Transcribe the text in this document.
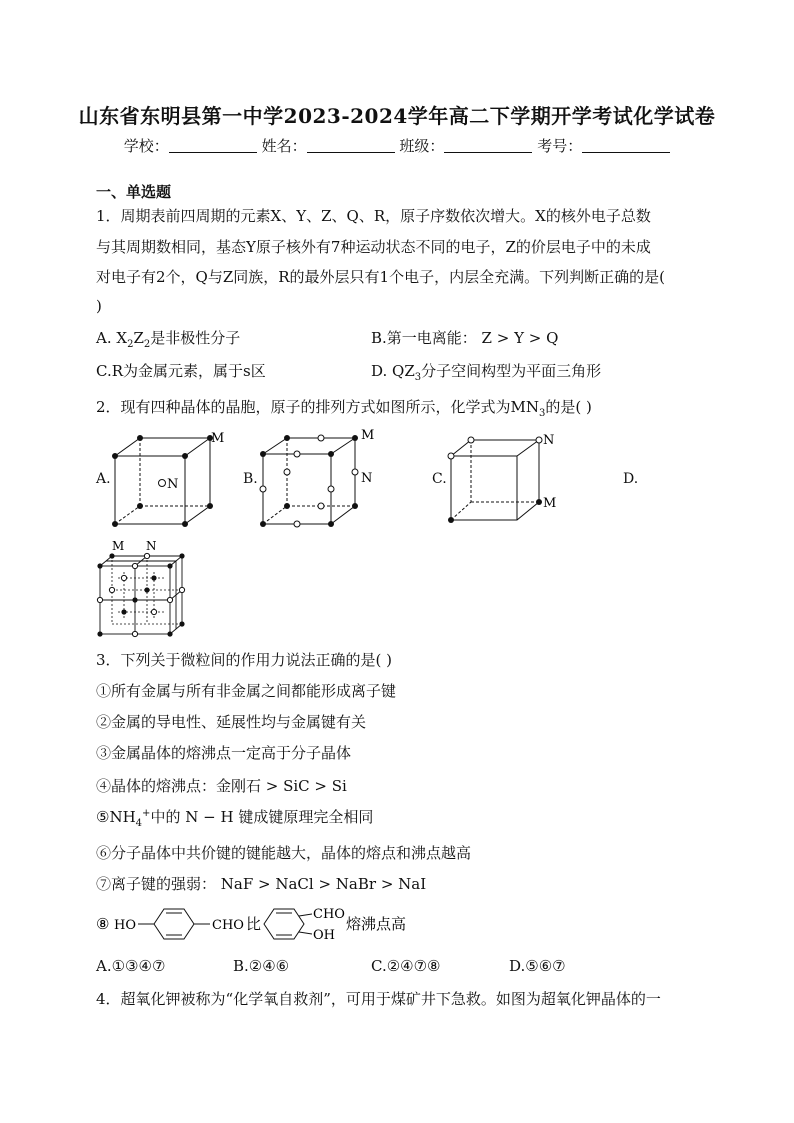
山东省东明县第一中学2023-2024学年高二下学期开学考试化学试卷
学校：	姓名：	班级：	考号：
一、单选题
1．周期表前四周期的元素X、Y、Z、Q、R，原子序数依次增大。X的核外电子总数
与其周期数相同，基态Y原子核外有7种运动状态不同的电子，Z的价层电子中的未成
对电子有2个，Q与Z同族，R的最外层只有1个电子，内层全充满。下列判断正确的是(
)
A. $X_2Z_2$是非极性分子	B.第一电离能： Z > Y > Q
C.R为金属元素，属于s区	D. $QZ_3$分子空间构型为平面三角形
2．现有四种晶体的晶胞，原子的排列方式如图所示，化学式为$MN_3$的是( )
A.	B.	C.	D.
N
M	M
N
N
M
M N
3．下列关于微粒间的作用力说法正确的是( )
①所有金属与所有非金属之间都能形成离子键
②金属的导电性、延展性均与金属键有关
③金属晶体的熔沸点一定高于分子晶体
④晶体的熔沸点：金刚石 > SiC > Si
$⑤NH_4^+$中的 N − H 键成键原理完全相同
⑥分子晶体中共价键的键能越大，晶体的熔点和沸点越高
⑦离子键的强弱： NaF > NaCl > NaBr > NaI
⑧ HO	CHO 比
CHO
OH
熔沸点高
A.①③④⑦	B.②④⑥	C.②④⑦⑧	D.⑤⑥⑦
4．超氧化钾被称为“化学氧自救剂”，可用于煤矿井下急救。如图为超氧化钾晶体的一
